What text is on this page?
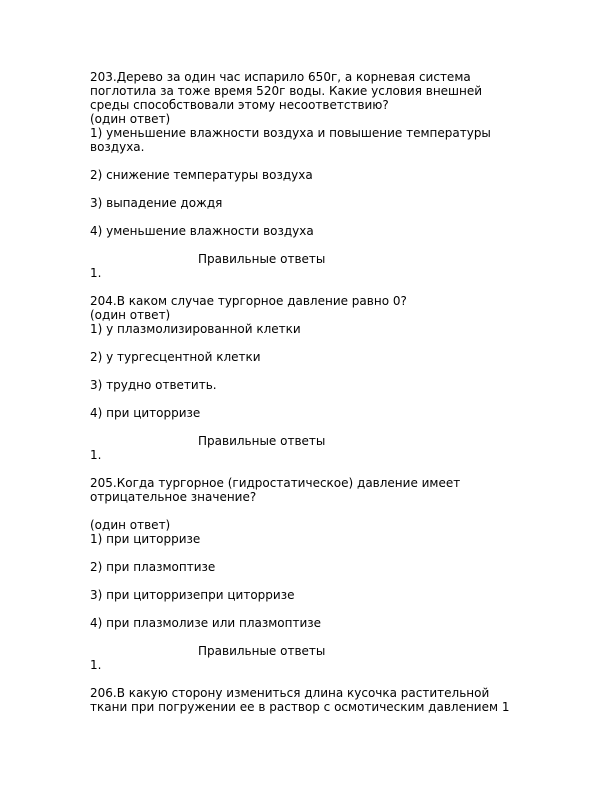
203.Дерево за один час испарило 650г, а корневая система
поглотила за тоже время 520г воды. Какие условия внешней
среды способствовали этому несоответствию?
(один ответ)
1) уменьшение влажности воздуха и повышение температуры
воздуха.
2) снижение температуры воздуха
3) выпадение дождя
4) уменьшение влажности воздуха
Правильные ответы
1.
204.В каком случае тургорное давление равно 0?
(один ответ)
1) у плазмолизированной клетки
2) у тургесцентной клетки
3) трудно ответить.
4) при циторризе
Правильные ответы
1.
205.Когда тургорное (гидростатическое) давление имеет
отрицательное значение?
(один ответ)
1) при циторризе
2) при плазмоптизе
3) при циторризепри циторризе
4) при плазмолизе или плазмоптизе
Правильные ответы
1.
206.В какую сторону измениться длина кусочка растительной
ткани при погружении ее в раствор с осмотическим давлением 1
